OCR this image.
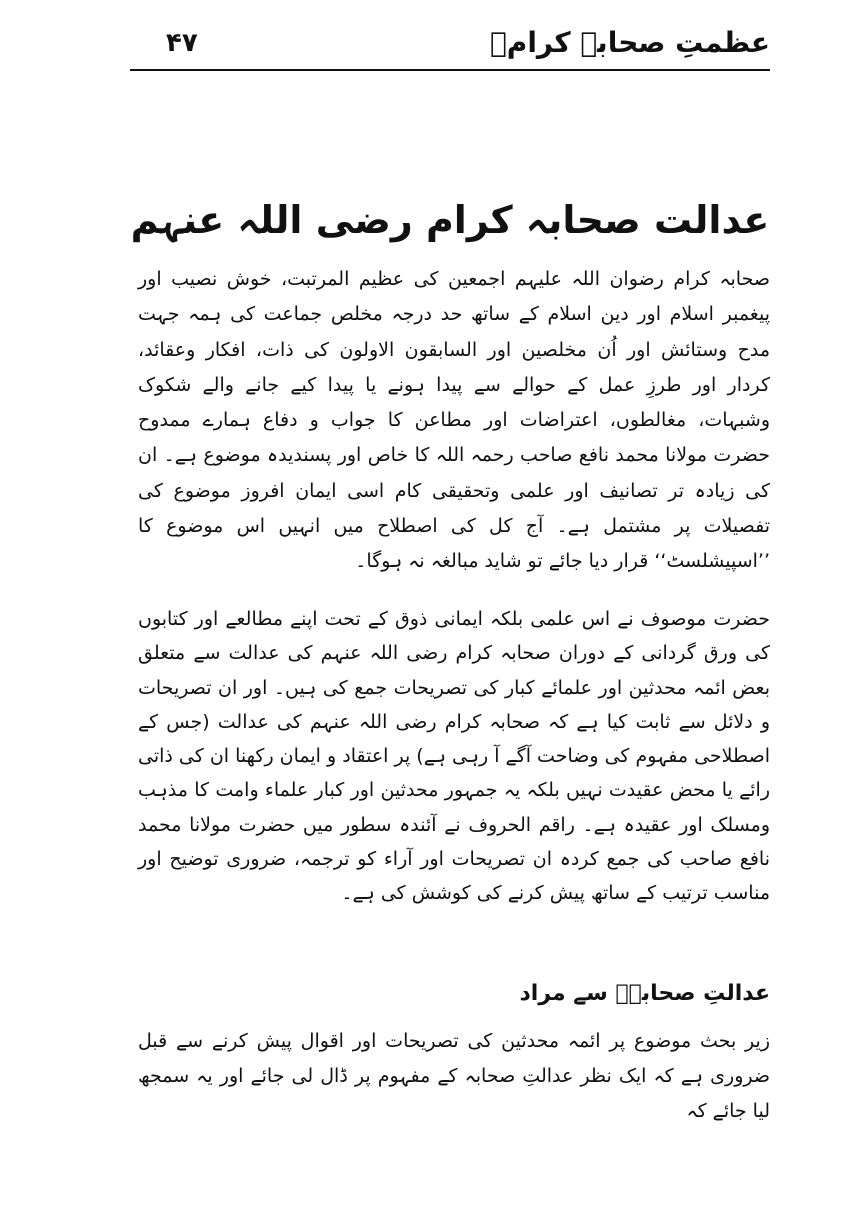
عظمتِ صحابہ کرامؓ
۴۷
عدالت صحابہ کرام رضی اللہ عنہم

صحابہ کرام رضوان اللہ علیہم اجمعین کی عظیم المرتبت، خوش نصیب اور پیغمبر اسلام اور دین اسلام کے ساتھ حد درجہ مخلص جماعت کی ہمہ جہت مدح وستائش اور اُن مخلصین اور السابقون الاولون کی ذات، افکار وعقائد، کردار اور طرزِ عمل کے حوالے سے پیدا ہونے یا پیدا کیے جانے والے شکوک وشبہات، مغالطوں، اعتراضات اور مطاعن کا جواب و دفاع ہمارے ممدوح حضرت مولانا محمد نافع صاحب رحمہ اللہ کا خاص اور پسندیدہ موضوع ہے۔ ان کی زیادہ تر تصانیف اور علمی وتحقیقی کام اسی ایمان افروز موضوع کی تفصیلات پر مشتمل ہے۔ آج کل کی اصطلاح میں انہیں اس موضوع کا ’’اسپیشلسٹ‘‘ قرار دیا جائے تو شاید مبالغہ نہ ہوگا۔

حضرت موصوف نے اس علمی بلکہ ایمانی ذوق کے تحت اپنے مطالعے اور کتابوں کی ورق گردانی کے دوران صحابہ کرام رضی اللہ عنہم کی عدالت سے متعلق بعض ائمہ محدثین اور علمائے کبار کی تصریحات جمع کی ہیں۔ اور ان تصریحات و دلائل سے ثابت کیا ہے کہ صحابہ کرام رضی اللہ عنہم کی عدالت (جس کے اصطلاحی مفہوم کی وضاحت آگے آ رہی ہے) پر اعتقاد و ایمان رکھنا ان کی ذاتی رائے یا محض عقیدت نہیں بلکہ یہ جمہور محدثین اور کبار علماء وامت کا مذہب ومسلک اور عقیدہ ہے۔ راقم الحروف نے آئندہ سطور میں حضرت مولانا محمد نافع صاحب کی جمع کردہ ان تصریحات اور آراء کو ترجمہ، ضروری توضیح اور مناسب ترتیب کے ساتھ پیش کرنے کی کوشش کی ہے۔

عدالتِ صحابہؓ سے مراد

زیر بحث موضوع پر ائمہ محدثین کی تصریحات اور اقوال پیش کرنے سے قبل ضروری ہے کہ ایک نظر عدالتِ صحابہ کے مفہوم پر ڈال لی جائے اور یہ سمجھ لیا جائے کہ
